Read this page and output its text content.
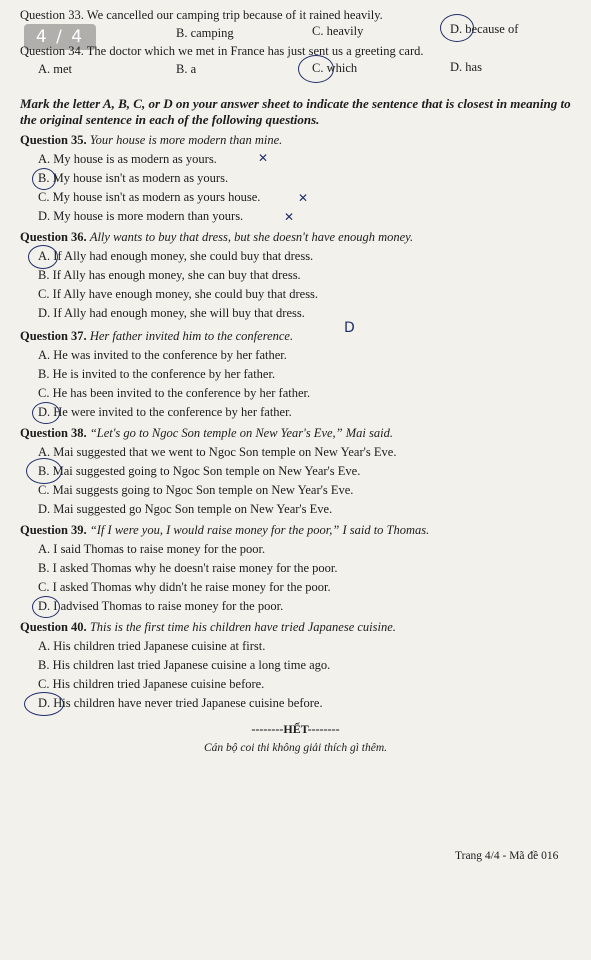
4 / 4
Question 33. We cancelled our camping trip because of it rained heavily.
B. camping	C. heavily	D. because of
Question 34. The doctor which we met in France has just sent us a greeting card.
A. met	B. a	C. which	D. has
Mark the letter A, B, C, or D on your answer sheet to indicate the sentence that is closest in meaning to the original sentence in each of the following questions.
Question 35. Your house is more modern than mine.
A. My house is as modern as yours.
B. My house isn't as modern as yours.
C. My house isn't as modern as yours house.
D. My house is more modern than yours.
✕
✕
✕
Question 36. Ally wants to buy that dress, but she doesn't have enough money.
A. If Ally had enough money, she could buy that dress.
B. If Ally has enough money, she can buy that dress.
C. If Ally have enough money, she could buy that dress.
D. If Ally had enough money, she will buy that dress.
D
Question 37. Her father invited him to the conference.
A. He was invited to the conference by her father.
B. He is invited to the conference by her father.
C. He has been invited to the conference by her father.
D. He were invited to the conference by her father.
Question 38. “Let's go to Ngoc Son temple on New Year's Eve,” Mai said.
A. Mai suggested that we went to Ngoc Son temple on New Year's Eve.
B. Mai suggested going to Ngoc Son temple on New Year's Eve.
C. Mai suggests going to Ngoc Son temple on New Year's Eve.
D. Mai suggested go Ngoc Son temple on New Year's Eve.
Question 39. “If I were you, I would raise money for the poor,” I said to Thomas.
A. I said Thomas to raise money for the poor.
B. I asked Thomas why he doesn't raise money for the poor.
C. I asked Thomas why didn't he raise money for the poor.
D. I advised Thomas to raise money for the poor.
Question 40. This is the first time his children have tried Japanese cuisine.
A. His children tried Japanese cuisine at first.
B. His children last tried Japanese cuisine a long time ago.
C. His children tried Japanese cuisine before.
D. His children have never tried Japanese cuisine before.
--------HẾT--------
Cán bộ coi thi không giải thích gì thêm.
Trang 4/4 - Mã đề 016
